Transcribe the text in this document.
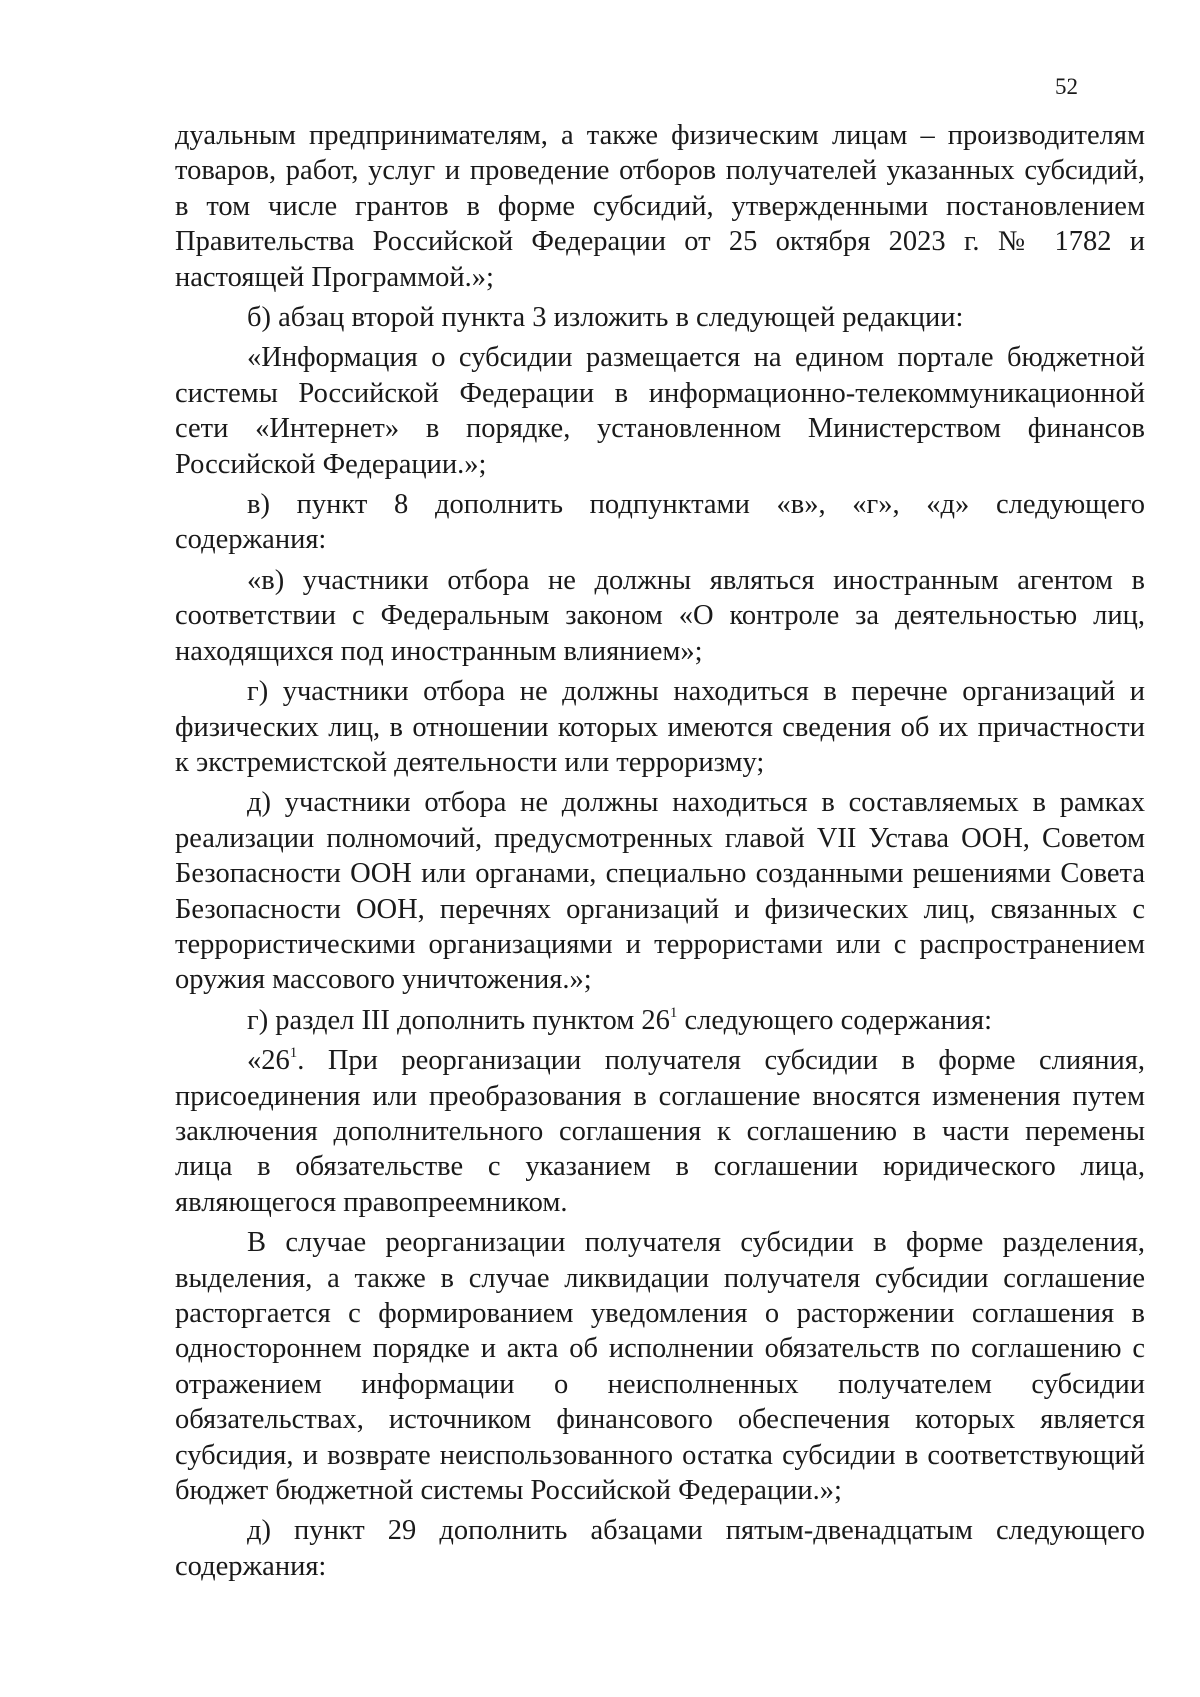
52

дуальным предпринимателям, а также физическим лицам – производителям товаров, работ, услуг и проведение отборов получателей указанных субсидий, в том числе грантов в форме субсидий, утвержденными постановлением Правительства Российской Федерации от 25 октября 2023 г. № 1782 и настоящей Программой.»;

б) абзац второй пункта 3 изложить в следующей редакции:

«Информация о субсидии размещается на едином портале бюджетной системы Российской Федерации в информационно-телекоммуникационной сети «Интернет» в порядке, установленном Министерством финансов Российской Федерации.»;

в) пункт 8 дополнить подпунктами «в», «г», «д» следующего содержания:

«в) участники отбора не должны являться иностранным агентом в соответствии с Федеральным законом «О контроле за деятельностью лиц, находящихся под иностранным влиянием»;

г) участники отбора не должны находиться в перечне организаций и физических лиц, в отношении которых имеются сведения об их причастности к экстремистской деятельности или терроризму;

д) участники отбора не должны находиться в составляемых в рамках реализации полномочий, предусмотренных главой VII Устава ООН, Советом Безопасности ООН или органами, специально созданными решениями Совета Безопасности ООН, перечнях организаций и физических лиц, связанных с террористическими организациями и террористами или с распространением оружия массового уничтожения.»;

г) раздел III дополнить пунктом $26^1$ следующего содержания:

«$26^1$. При реорганизации получателя субсидии в форме слияния, присоединения или преобразования в соглашение вносятся изменения путем заключения дополнительного соглашения к соглашению в части перемены лица в обязательстве с указанием в соглашении юридического лица, являющегося правопреемником.

В случае реорганизации получателя субсидии в форме разделения, выделения, а также в случае ликвидации получателя субсидии соглашение расторгается с формированием уведомления о расторжении соглашения в одностороннем порядке и акта об исполнении обязательств по соглашению с отражением информации о неисполненных получателем субсидии обязательствах, источником финансового обеспечения которых является субсидия, и возврате неиспользованного остатка субсидии в соответствующий бюджет бюджетной системы Российской Федерации.»;

д) пункт 29 дополнить абзацами пятым-двенадцатым следующего содержания:
